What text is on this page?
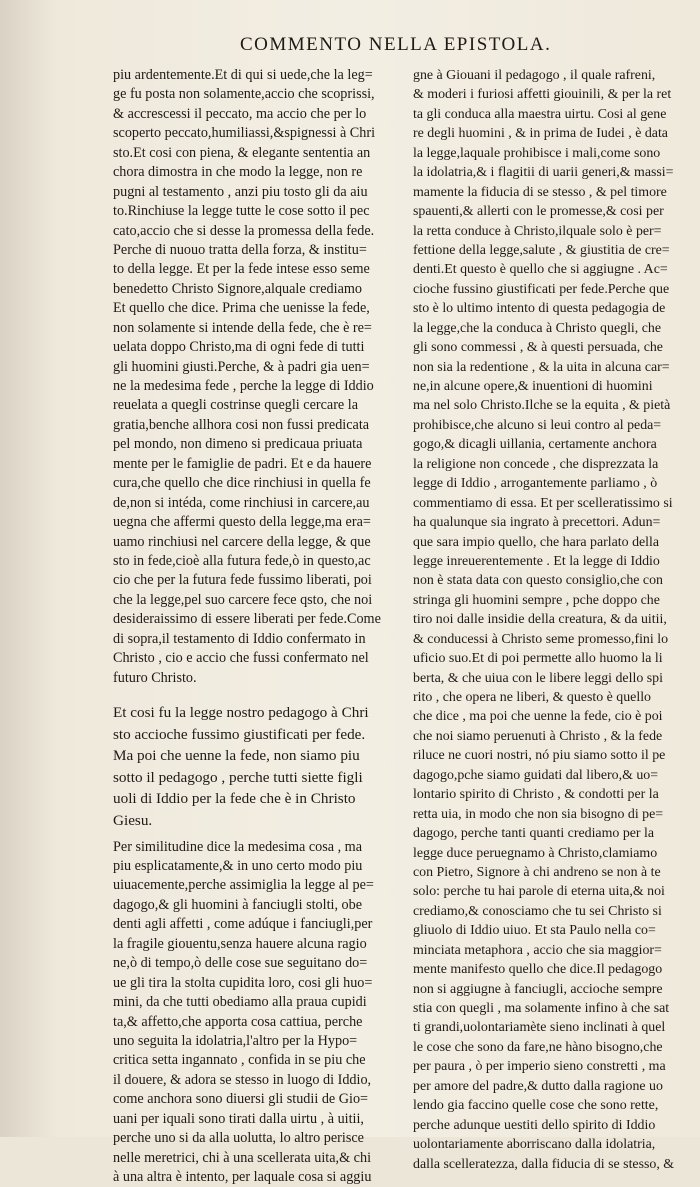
COMMENTO NELLA EPISTOLA.
piu ardentemente.Et di qui si uede,che la leg=
ge fu posta non solamente,accio che scoprissi,
& accrescessi il peccato, ma accio che per lo
scoperto peccato,humiliassi,&spignessi à Chri
sto.Et cosi con piena, & elegante sententia an
chora dimostra in che modo la legge, non re
pugni al testamento , anzi piu tosto gli da aiu
to.Rinchiuse la legge tutte le cose sotto il pec
cato,accio che si desse la promessa della fede.
Perche di nuouo tratta della forza, & institu=
to della legge. Et per la fede intese esso seme
benedetto Christo Signore,alquale crediamo
Et quello che dice. Prima che uenisse la fede,
non solamente si intende della fede, che è re=
uelata doppo Christo,ma di ogni fede di tutti
gli huomini giusti.Perche, & à padri gia uen=
ne la medesima fede , perche la legge di Iddio
reuelata a quegli costrinse quegli cercare la
gratia,benche allhora cosi non fussi predicata
pel mondo, non dimeno si predicaua priuata
mente per le famiglie de padri. Et e da hauere
cura,che quello che dice rinchiusi in quella fe
de,non si intéda, come rinchiusi in carcere,au
uegna che affermi questo della legge,ma era=
uamo rinchiusi nel carcere della legge, & que
sto in fede,cioè alla futura fede,ò in questo,ac
cio che per la futura fede fussimo liberati, poi
che la legge,pel suo carcere fece qsto, che noi
desideraissimo di essere liberati per fede.Come
di sopra,il testamento di Iddio confermato in
Christo , cio e accio che fussi confermato nel
futuro Christo.
Et cosi fu la legge nostro pedagogo à Chri
sto accioche fussimo giustificati per fede.
Ma poi che uenne la fede, non siamo piu
sotto il pedagogo , perche tutti siette figli
uoli di Iddio per la fede che è in Christo
Giesu.
Per similitudine dice la medesima cosa , ma
piu esplicatamente,& in uno certo modo piu
uiuacemente,perche assimiglia la legge al pe=
dagogo,& gli huomini à fanciugli stolti, obe
denti agli affetti , come adúque i fanciugli,per
la fragile giouentu,senza hauere alcuna ragio
ne,ò di tempo,ò delle cose sue seguitano do=
ue gli tira la stolta cupidita loro, cosi gli huo=
mini, da che tutti obediamo alla praua cupidi
ta,& affetto,che apporta cosa cattiua, perche
uno seguita la idolatria,l'altro per la Hypo=
critica setta ingannato , confida in se piu che
il douere, & adora se stesso in luogo di Iddio,
come anchora sono diuersi gli studii de Gio=
uani per iquali sono tirati dalla uirtu , à uitii,
perche uno si da alla uolutta, lo altro perisce
nelle meretrici, chi à una scellerata uita,& chi
à una altra è intento, per laquale cosa si aggiu
gne à Giouani il pedagogo , il quale rafreni,
& moderi i furiosi affetti giouinili, & per la ret
ta gli conduca alla maestra uirtu. Cosi al gene
re degli huomini , & in prima de Iudei , è data
la legge,laquale prohibisce i mali,come sono
la idolatria,& i flagitii di uarii generi,& massi=
mamente la fiducia di se stesso , & pel timore
spauenti,& allerti con le promesse,& cosi per
la retta conduce à Christo,ilquale solo è per=
fettione della legge,salute , & giustitia de cre=
denti.Et questo è quello che si aggiugne . Ac=
cioche fussino giustificati per fede.Perche que
sto è lo ultimo intento di questa pedagogia de
la legge,che la conduca à Christo quegli, che
gli sono commessi , & à questi persuada, che
non sia la redentione , & la uita in alcuna car=
ne,in alcune opere,& inuentioni di huomini
ma nel solo Christo.Ilche se la equita , & pietà
prohibisce,che alcuno si leui contro al peda=
gogo,& dicagli uillania, certamente anchora
la religione non concede , che disprezzata la
legge di Iddio , arrogantemente parliamo , ò
commentiamo di essa. Et per scelleratissimo si
ha qualunque sia ingrato à precettori. Adun=
que sara impio quello, che hara parlato della
legge inreuerentemente . Et la legge di Iddio
non è stata data con questo consiglio,che con
stringa gli huomini sempre , pche doppo che
tiro noi dalle insidie della creatura, & da uitii,
& conducessi à Christo seme promesso,fini lo
uficio suo.Et di poi permette allo huomo la li
berta, & che uiua con le libere leggi dello spi
rito , che opera ne liberi, & questo è quello
che dice , ma poi che uenne la fede, cio è poi
che noi siamo peruenuti à Christo , & la fede
riluce ne cuori nostri, nó piu siamo sotto il pe
dagogo,pche siamo guidati dal libero,& uo=
lontario spirito di Christo , & condotti per la
retta uia, in modo che non sia bisogno di pe=
dagogo, perche tanti quanti crediamo per la
legge duce peruegnamo à Christo,clamiamo
con Pietro, Signore à chi andreno se non à te
solo: perche tu hai parole di eterna uita,& noi
crediamo,& conosciamo che tu sei Christo si
gliuolo di Iddio uiuo. Et sta Paulo nella co=
minciata metaphora , accio che sia maggior=
mente manifesto quello che dice.Il pedagogo
non si aggiugne à fanciugli, accioche sempre
stia con quegli , ma solamente infino à che sat
ti grandi,uolontariamète sieno inclinati à quel
le cose che sono da fare,ne hàno bisogno,che
per paura , ò per imperio sieno constretti , ma
per amore del padre,& dutto dalla ragione uo
lendo gia faccino quelle cose che sono rette,
perche adunque uestiti dello spirito di Iddio
uolontariamente aborriscano dalla idolatria,
dalla scelleratezza, dalla fiducia di se stesso, &
